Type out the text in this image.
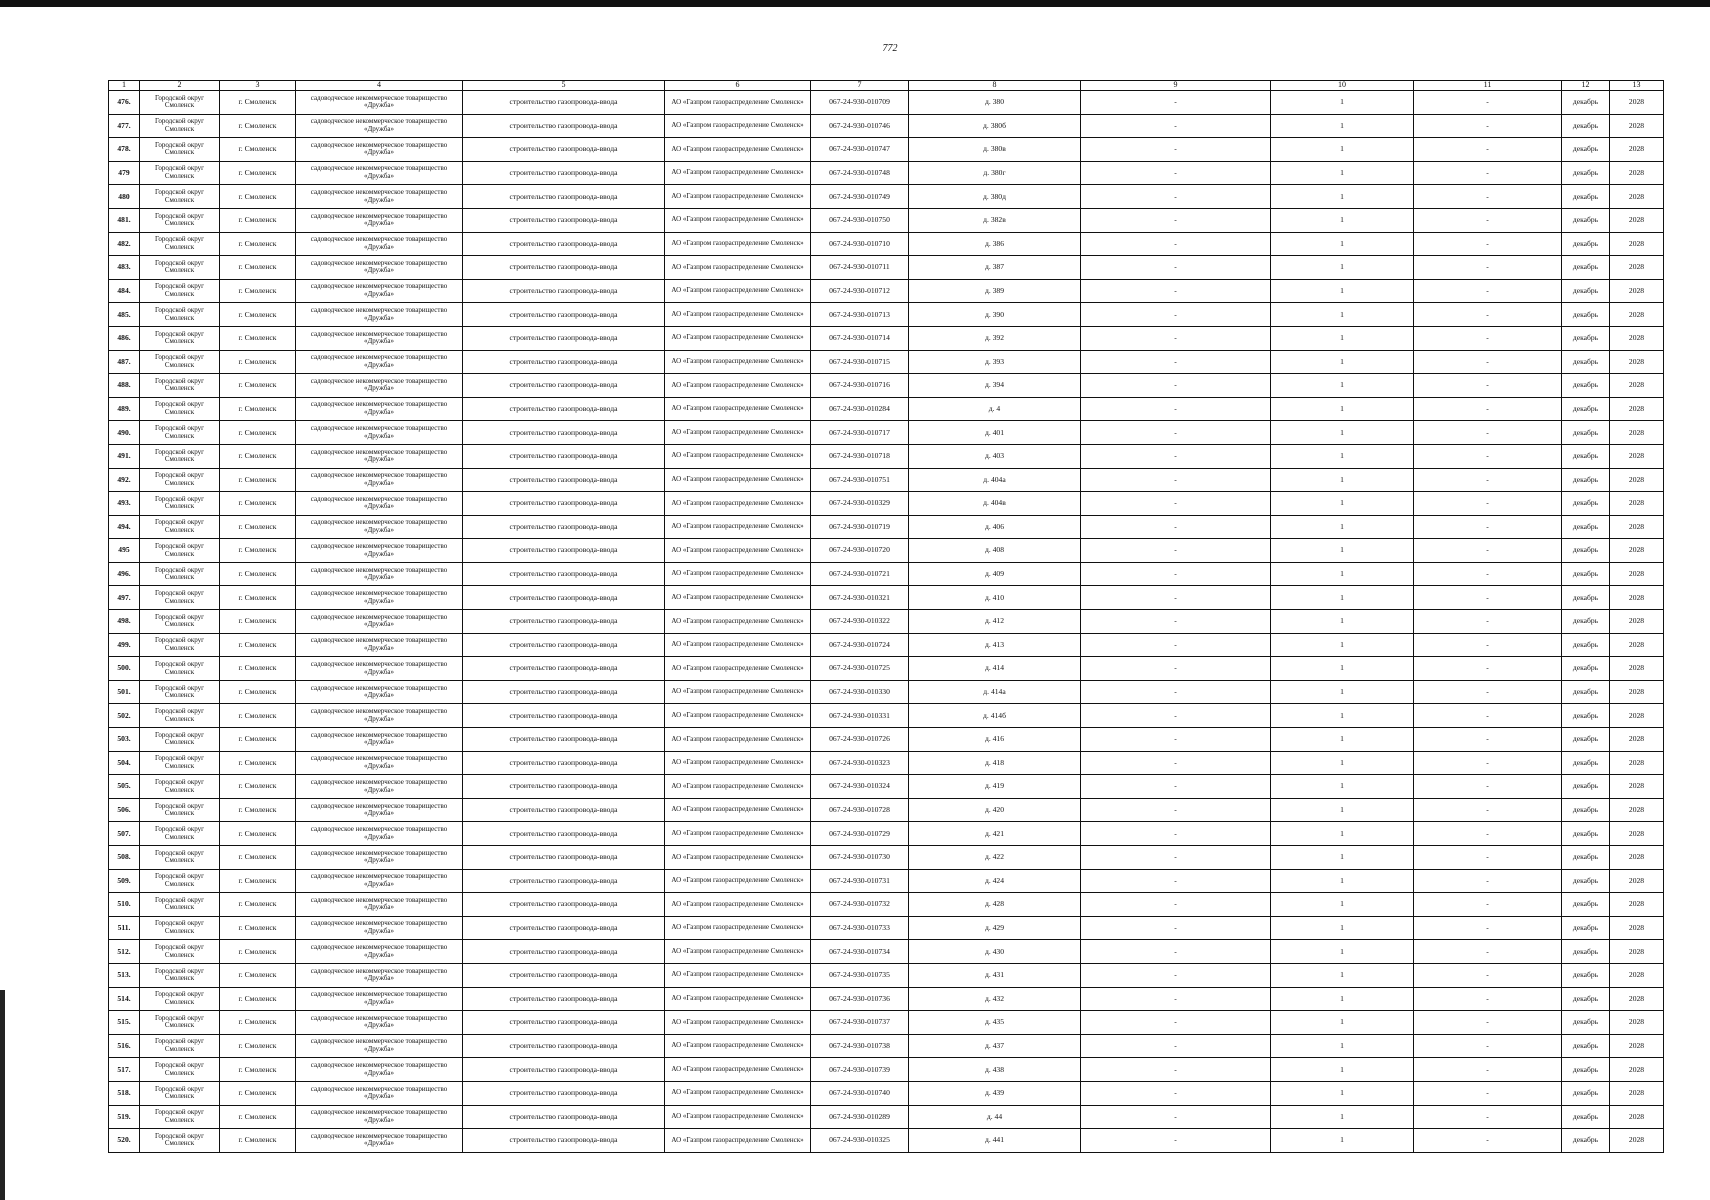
772
1	2	3	4	5	6	7	8	9	10	11	12	13
476.	Городской округ Смоленск	г. Смоленск	садоводческое некоммерческое товарищество «Дружба»	строительство газопровода-ввода	АО «Газпром газораспределение Смоленск»	067-24-930-010709	д. 380	-	1	-	декабрь	2028
477.	Городской округ Смоленск	г. Смоленск	садоводческое некоммерческое товарищество «Дружба»	строительство газопровода-ввода	АО «Газпром газораспределение Смоленск»	067-24-930-010746	д. 380б	-	1	-	декабрь	2028
478.	Городской округ Смоленск	г. Смоленск	садоводческое некоммерческое товарищество «Дружба»	строительство газопровода-ввода	АО «Газпром газораспределение Смоленск»	067-24-930-010747	д. 380в	-	1	-	декабрь	2028
479	Городской округ Смоленск	г. Смоленск	садоводческое некоммерческое товарищество «Дружба»	строительство газопровода-ввода	АО «Газпром газораспределение Смоленск»	067-24-930-010748	д. 380г	-	1	-	декабрь	2028
480	Городской округ Смоленск	г. Смоленск	садоводческое некоммерческое товарищество «Дружба»	строительство газопровода-ввода	АО «Газпром газораспределение Смоленск»	067-24-930-010749	д. 380д	-	1	-	декабрь	2028
481.	Городской округ Смоленск	г. Смоленск	садоводческое некоммерческое товарищество «Дружба»	строительство газопровода-ввода	АО «Газпром газораспределение Смоленск»	067-24-930-010750	д. 382в	-	1	-	декабрь	2028
482.	Городской округ Смоленск	г. Смоленск	садоводческое некоммерческое товарищество «Дружба»	строительство газопровода-ввода	АО «Газпром газораспределение Смоленск»	067-24-930-010710	д. 386	-	1	-	декабрь	2028
483.	Городской округ Смоленск	г. Смоленск	садоводческое некоммерческое товарищество «Дружба»	строительство газопровода-ввода	АО «Газпром газораспределение Смоленск»	067-24-930-010711	д. 387	-	1	-	декабрь	2028
484.	Городской округ Смоленск	г. Смоленск	садоводческое некоммерческое товарищество «Дружба»	строительство газопровода-ввода	АО «Газпром газораспределение Смоленск»	067-24-930-010712	д. 389	-	1	-	декабрь	2028
485.	Городской округ Смоленск	г. Смоленск	садоводческое некоммерческое товарищество «Дружба»	строительство газопровода-ввода	АО «Газпром газораспределение Смоленск»	067-24-930-010713	д. 390	-	1	-	декабрь	2028
486.	Городской округ Смоленск	г. Смоленск	садоводческое некоммерческое товарищество «Дружба»	строительство газопровода-ввода	АО «Газпром газораспределение Смоленск»	067-24-930-010714	д. 392	-	1	-	декабрь	2028
487.	Городской округ Смоленск	г. Смоленск	садоводческое некоммерческое товарищество «Дружба»	строительство газопровода-ввода	АО «Газпром газораспределение Смоленск»	067-24-930-010715	д. 393	-	1	-	декабрь	2028
488.	Городской округ Смоленск	г. Смоленск	садоводческое некоммерческое товарищество «Дружба»	строительство газопровода-ввода	АО «Газпром газораспределение Смоленск»	067-24-930-010716	д. 394	-	1	-	декабрь	2028
489.	Городской округ Смоленск	г. Смоленск	садоводческое некоммерческое товарищество «Дружба»	строительство газопровода-ввода	АО «Газпром газораспределение Смоленск»	067-24-930-010284	д. 4	-	1	-	декабрь	2028
490.	Городской округ Смоленск	г. Смоленск	садоводческое некоммерческое товарищество «Дружба»	строительство газопровода-ввода	АО «Газпром газораспределение Смоленск»	067-24-930-010717	д. 401	-	1	-	декабрь	2028
491.	Городской округ Смоленск	г. Смоленск	садоводческое некоммерческое товарищество «Дружба»	строительство газопровода-ввода	АО «Газпром газораспределение Смоленск»	067-24-930-010718	д. 403	-	1	-	декабрь	2028
492.	Городской округ Смоленск	г. Смоленск	садоводческое некоммерческое товарищество «Дружба»	строительство газопровода-ввода	АО «Газпром газораспределение Смоленск»	067-24-930-010751	д. 404а	-	1	-	декабрь	2028
493.	Городской округ Смоленск	г. Смоленск	садоводческое некоммерческое товарищество «Дружба»	строительство газопровода-ввода	АО «Газпром газораспределение Смоленск»	067-24-930-010329	д. 404в	-	1	-	декабрь	2028
494.	Городской округ Смоленск	г. Смоленск	садоводческое некоммерческое товарищество «Дружба»	строительство газопровода-ввода	АО «Газпром газораспределение Смоленск»	067-24-930-010719	д. 406	-	1	-	декабрь	2028
495	Городской округ Смоленск	г. Смоленск	садоводческое некоммерческое товарищество «Дружба»	строительство газопровода-ввода	АО «Газпром газораспределение Смоленск»	067-24-930-010720	д. 408	-	1	-	декабрь	2028
496.	Городской округ Смоленск	г. Смоленск	садоводческое некоммерческое товарищество «Дружба»	строительство газопровода-ввода	АО «Газпром газораспределение Смоленск»	067-24-930-010721	д. 409	-	1	-	декабрь	2028
497.	Городской округ Смоленск	г. Смоленск	садоводческое некоммерческое товарищество «Дружба»	строительство газопровода-ввода	АО «Газпром газораспределение Смоленск»	067-24-930-010321	д. 410	-	1	-	декабрь	2028
498.	Городской округ Смоленск	г. Смоленск	садоводческое некоммерческое товарищество «Дружба»	строительство газопровода-ввода	АО «Газпром газораспределение Смоленск»	067-24-930-010322	д. 412	-	1	-	декабрь	2028
499.	Городской округ Смоленск	г. Смоленск	садоводческое некоммерческое товарищество «Дружба»	строительство газопровода-ввода	АО «Газпром газораспределение Смоленск»	067-24-930-010724	д. 413	-	1	-	декабрь	2028
500.	Городской округ Смоленск	г. Смоленск	садоводческое некоммерческое товарищество «Дружба»	строительство газопровода-ввода	АО «Газпром газораспределение Смоленск»	067-24-930-010725	д. 414	-	1	-	декабрь	2028
501.	Городской округ Смоленск	г. Смоленск	садоводческое некоммерческое товарищество «Дружба»	строительство газопровода-ввода	АО «Газпром газораспределение Смоленск»	067-24-930-010330	д. 414а	-	1	-	декабрь	2028
502.	Городской округ Смоленск	г. Смоленск	садоводческое некоммерческое товарищество «Дружба»	строительство газопровода-ввода	АО «Газпром газораспределение Смоленск»	067-24-930-010331	д. 414б	-	1	-	декабрь	2028
503.	Городской округ Смоленск	г. Смоленск	садоводческое некоммерческое товарищество «Дружба»	строительство газопровода-ввода	АО «Газпром газораспределение Смоленск»	067-24-930-010726	д. 416	-	1	-	декабрь	2028
504.	Городской округ Смоленск	г. Смоленск	садоводческое некоммерческое товарищество «Дружба»	строительство газопровода-ввода	АО «Газпром газораспределение Смоленск»	067-24-930-010323	д. 418	-	1	-	декабрь	2028
505.	Городской округ Смоленск	г. Смоленск	садоводческое некоммерческое товарищество «Дружба»	строительство газопровода-ввода	АО «Газпром газораспределение Смоленск»	067-24-930-010324	д. 419	-	1	-	декабрь	2028
506.	Городской округ Смоленск	г. Смоленск	садоводческое некоммерческое товарищество «Дружба»	строительство газопровода-ввода	АО «Газпром газораспределение Смоленск»	067-24-930-010728	д. 420	-	1	-	декабрь	2028
507.	Городской округ Смоленск	г. Смоленск	садоводческое некоммерческое товарищество «Дружба»	строительство газопровода-ввода	АО «Газпром газораспределение Смоленск»	067-24-930-010729	д. 421	-	1	-	декабрь	2028
508.	Городской округ Смоленск	г. Смоленск	садоводческое некоммерческое товарищество «Дружба»	строительство газопровода-ввода	АО «Газпром газораспределение Смоленск»	067-24-930-010730	д. 422	-	1	-	декабрь	2028
509.	Городской округ Смоленск	г. Смоленск	садоводческое некоммерческое товарищество «Дружба»	строительство газопровода-ввода	АО «Газпром газораспределение Смоленск»	067-24-930-010731	д. 424	-	1	-	декабрь	2028
510.	Городской округ Смоленск	г. Смоленск	садоводческое некоммерческое товарищество «Дружба»	строительство газопровода-ввода	АО «Газпром газораспределение Смоленск»	067-24-930-010732	д. 428	-	1	-	декабрь	2028
511.	Городской округ Смоленск	г. Смоленск	садоводческое некоммерческое товарищество «Дружба»	строительство газопровода-ввода	АО «Газпром газораспределение Смоленск»	067-24-930-010733	д. 429	-	1	-	декабрь	2028
512.	Городской округ Смоленск	г. Смоленск	садоводческое некоммерческое товарищество «Дружба»	строительство газопровода-ввода	АО «Газпром газораспределение Смоленск»	067-24-930-010734	д. 430	-	1	-	декабрь	2028
513.	Городской округ Смоленск	г. Смоленск	садоводческое некоммерческое товарищество «Дружба»	строительство газопровода-ввода	АО «Газпром газораспределение Смоленск»	067-24-930-010735	д. 431	-	1	-	декабрь	2028
514.	Городской округ Смоленск	г. Смоленск	садоводческое некоммерческое товарищество «Дружба»	строительство газопровода-ввода	АО «Газпром газораспределение Смоленск»	067-24-930-010736	д. 432	-	1	-	декабрь	2028
515.	Городской округ Смоленск	г. Смоленск	садоводческое некоммерческое товарищество «Дружба»	строительство газопровода-ввода	АО «Газпром газораспределение Смоленск»	067-24-930-010737	д. 435	-	1	-	декабрь	2028
516.	Городской округ Смоленск	г. Смоленск	садоводческое некоммерческое товарищество «Дружба»	строительство газопровода-ввода	АО «Газпром газораспределение Смоленск»	067-24-930-010738	д. 437	-	1	-	декабрь	2028
517.	Городской округ Смоленск	г. Смоленск	садоводческое некоммерческое товарищество «Дружба»	строительство газопровода-ввода	АО «Газпром газораспределение Смоленск»	067-24-930-010739	д. 438	-	1	-	декабрь	2028
518.	Городской округ Смоленск	г. Смоленск	садоводческое некоммерческое товарищество «Дружба»	строительство газопровода-ввода	АО «Газпром газораспределение Смоленск»	067-24-930-010740	д. 439	-	1	-	декабрь	2028
519.	Городской округ Смоленск	г. Смоленск	садоводческое некоммерческое товарищество «Дружба»	строительство газопровода-ввода	АО «Газпром газораспределение Смоленск»	067-24-930-010289	д. 44	-	1	-	декабрь	2028
520.	Городской округ Смоленск	г. Смоленск	садоводческое некоммерческое товарищество «Дружба»	строительство газопровода-ввода	АО «Газпром газораспределение Смоленск»	067-24-930-010325	д. 441	-	1	-	декабрь	2028
